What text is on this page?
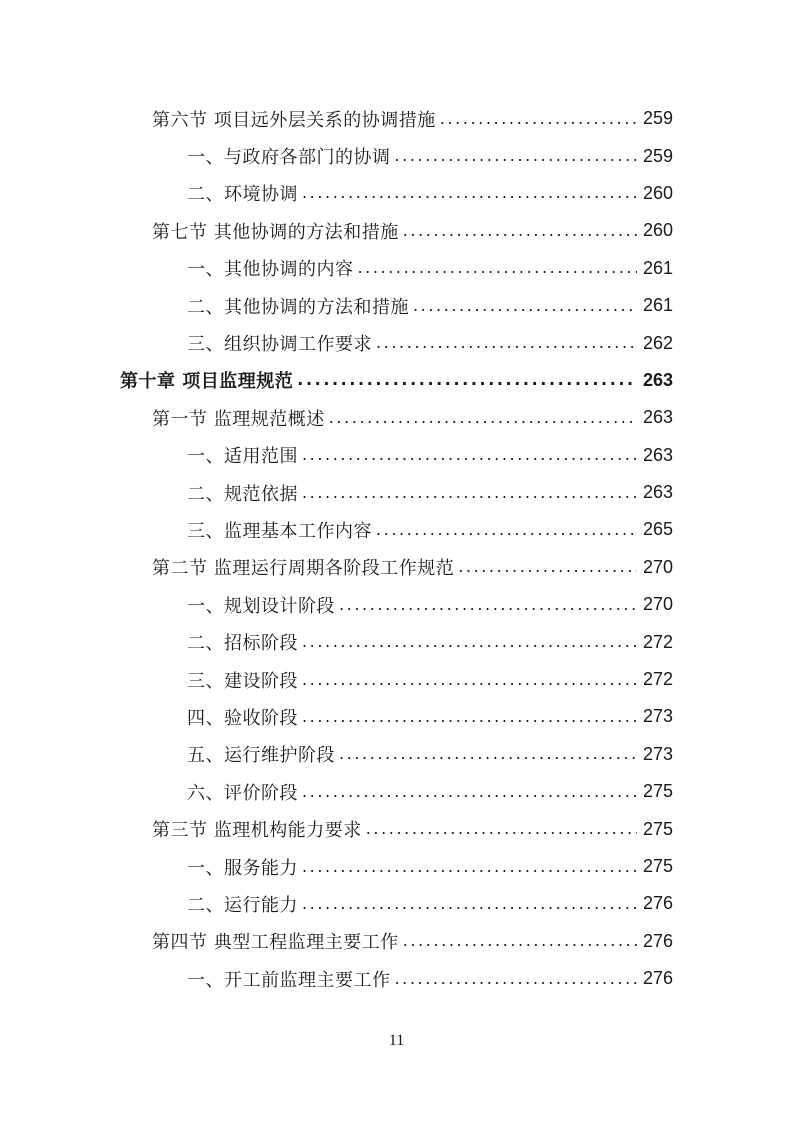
第六节 项目远外层关系的协调措施 .....	259
一、与政府各部门的协调 .....	259
二、环境协调 .....	260
第七节 其他协调的方法和措施 .....	260
一、其他协调的内容 .....	261
二、其他协调的方法和措施 .....	261
三、组织协调工作要求 .....	262
第十章 项目监理规范 .....	263
第一节 监理规范概述 .....	263
一、适用范围 .....	263
二、规范依据 .....	263
三、监理基本工作内容 .....	265
第二节 监理运行周期各阶段工作规范 .....	270
一、规划设计阶段 .....	270
二、招标阶段 .....	272
三、建设阶段 .....	272
四、验收阶段 .....	273
五、运行维护阶段 .....	273
六、评价阶段 .....	275
第三节 监理机构能力要求 .....	275
一、服务能力 .....	275
二、运行能力 .....	276
第四节 典型工程监理主要工作 .....	276
一、开工前监理主要工作 .....	276
11
